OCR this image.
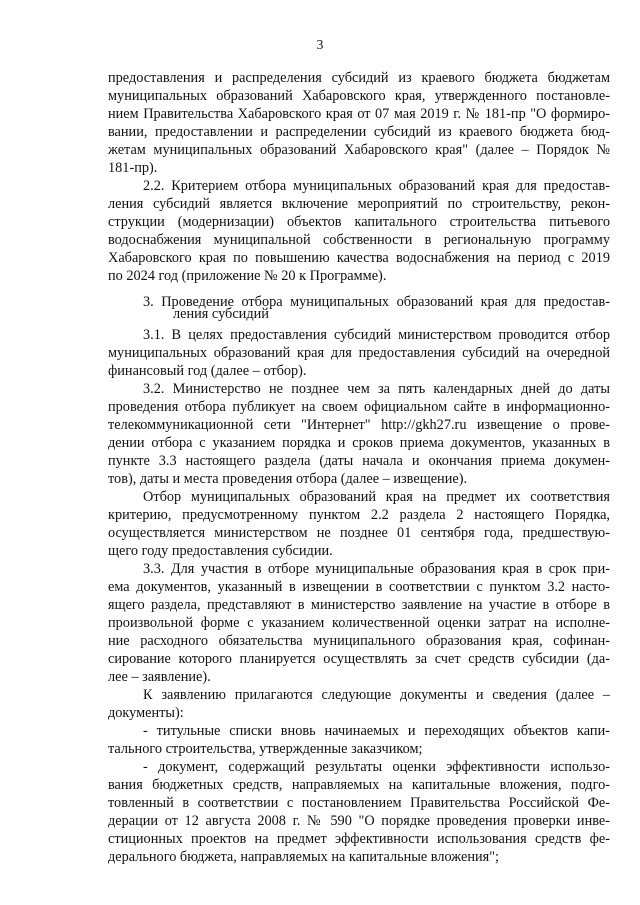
3
предоставления и распределения субсидий из краевого бюджета бюджетам
муниципальных образований Хабаровского края, утвержденного постановле-
нием Правительства Хабаровского края от 07 мая 2019 г. № 181-пр "О формиро-
вании, предоставлении и распределении субсидий из краевого бюджета бюд-
жетам муниципальных образований Хабаровского края" (далее – Порядок №
181-пр).
2.2. Критерием отбора муниципальных образований края для предостав-
ления субсидий является включение мероприятий по строительству, рекон-
струкции (модернизации) объектов капитального строительства питьевого
водоснабжения муниципальной собственности в региональную программу
Хабаровского края по повышению качества водоснабжения на период с 2019
по 2024 год (приложение № 20 к Программе).
3. Проведение отбора муниципальных образований края для предостав-
ления субсидий
3.1. В целях предоставления субсидий министерством проводится отбор
муниципальных образований края для предоставления субсидий на очередной
финансовый год (далее – отбор).
3.2. Министерство не позднее чем за пять календарных дней до даты
проведения отбора публикует на своем официальном сайте в информационно-
телекоммуникационной сети "Интернет" http://gkh27.ru извещение о прове-
дении отбора с указанием порядка и сроков приема документов, указанных в
пункте 3.3 настоящего раздела (даты начала и окончания приема докумен-
тов), даты и места проведения отбора (далее – извещение).
Отбор муниципальных образований края на предмет их соответствия
критерию, предусмотренному пунктом 2.2 раздела 2 настоящего Порядка,
осуществляется министерством не позднее 01 сентября года, предшествую-
щего году предоставления субсидии.
3.3. Для участия в отборе муниципальные образования края в срок при-
ема документов, указанный в извещении в соответствии с пунктом 3.2 насто-
ящего раздела, представляют в министерство заявление на участие в отборе в
произвольной форме с указанием количественной оценки затрат на исполне-
ние расходного обязательства муниципального образования края, софинан-
сирование которого планируется осуществлять за счет средств субсидии (да-
лее – заявление).
К заявлению прилагаются следующие документы и сведения (далее –
документы):
- титульные списки вновь начинаемых и переходящих объектов капи-
тального строительства, утвержденные заказчиком;
- документ, содержащий результаты оценки эффективности использо-
вания бюджетных средств, направляемых на капитальные вложения, подго-
товленный в соответствии с постановлением Правительства Российской Фе-
дерации от 12 августа 2008 г. № 590 "О порядке проведения проверки инве-
стиционных проектов на предмет эффективности использования средств фе-
дерального бюджета, направляемых на капитальные вложения";
